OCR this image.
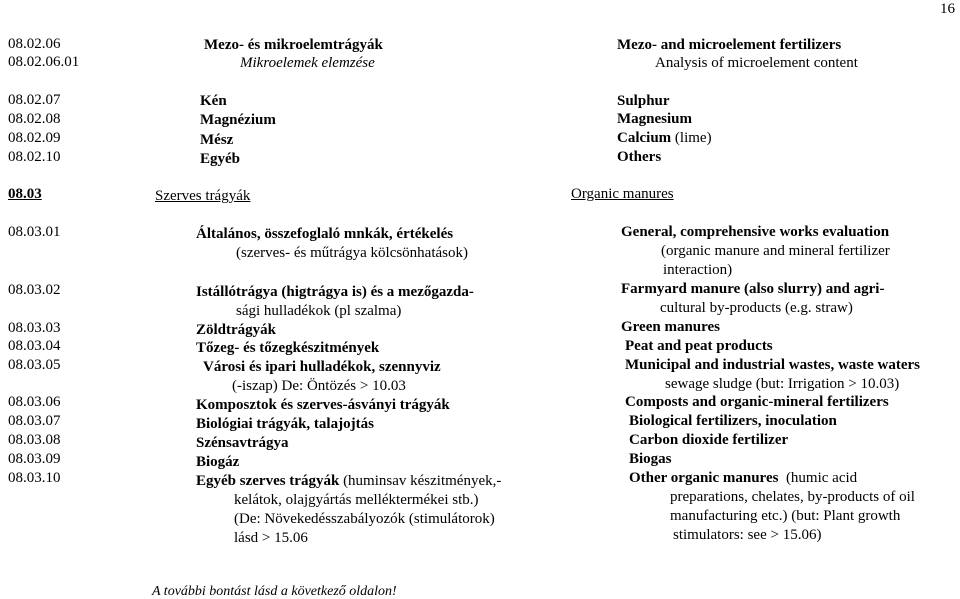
16
08.02.06
08.02.06.01
08.02.07
08.02.08
08.02.09
08.02.10
08.03
08.03.01
08.03.02
08.03.03
08.03.04
08.03.05
08.03.06
08.03.07
08.03.08
08.03.09
08.03.10
Mezo- és mikroelemtrágyák
Mikroelemek elemzése
Kén
Magnézium
Mész
Egyéb
Szerves trágyák
Általános, összefoglaló mnkák, értékelés
(szerves- és műtrágya kölcsönhatások)
Istállótrágya (higtrágya is) és a mezőgazda-
sági hulladékok (pl szalma)
Zöldtrágyák
Tőzeg- és tőzegkészitmények
Városi és ipari hulladékok, szennyviz
(-iszap) De: Öntözés > 10.03
Komposztok és szerves-ásványi trágyák
Biológiai trágyák, talajojtás
Szénsavtrágya
Biogáz
Egyéb szerves trágyák (huminsav készitmények,-
kelátok, olajgyártás melléktermékei stb.)
(De: Növekedésszabályozók (stimulátorok)
lásd > 15.06
Mezo- and microelement fertilizers
Analysis of microelement content
Sulphur
Magnesium
Calcium (lime)
Others
Organic manures
General, comprehensive works evaluation
(organic manure and mineral fertilizer
interaction)
Farmyard manure (also slurry) and agri-
cultural by-products (e.g. straw)
Green manures
Peat and peat products
Municipal and industrial wastes, waste waters
sewage sludge (but: Irrigation > 10.03)
Composts and organic-mineral fertilizers
Biological fertilizers, inoculation
Carbon dioxide fertilizer
Biogas
Other organic manures  (humic acid
preparations, chelates, by-products of oil
manufacturing etc.) (but: Plant growth
stimulators: see > 15.06)
A további bontást lásd a következő oldalon!
